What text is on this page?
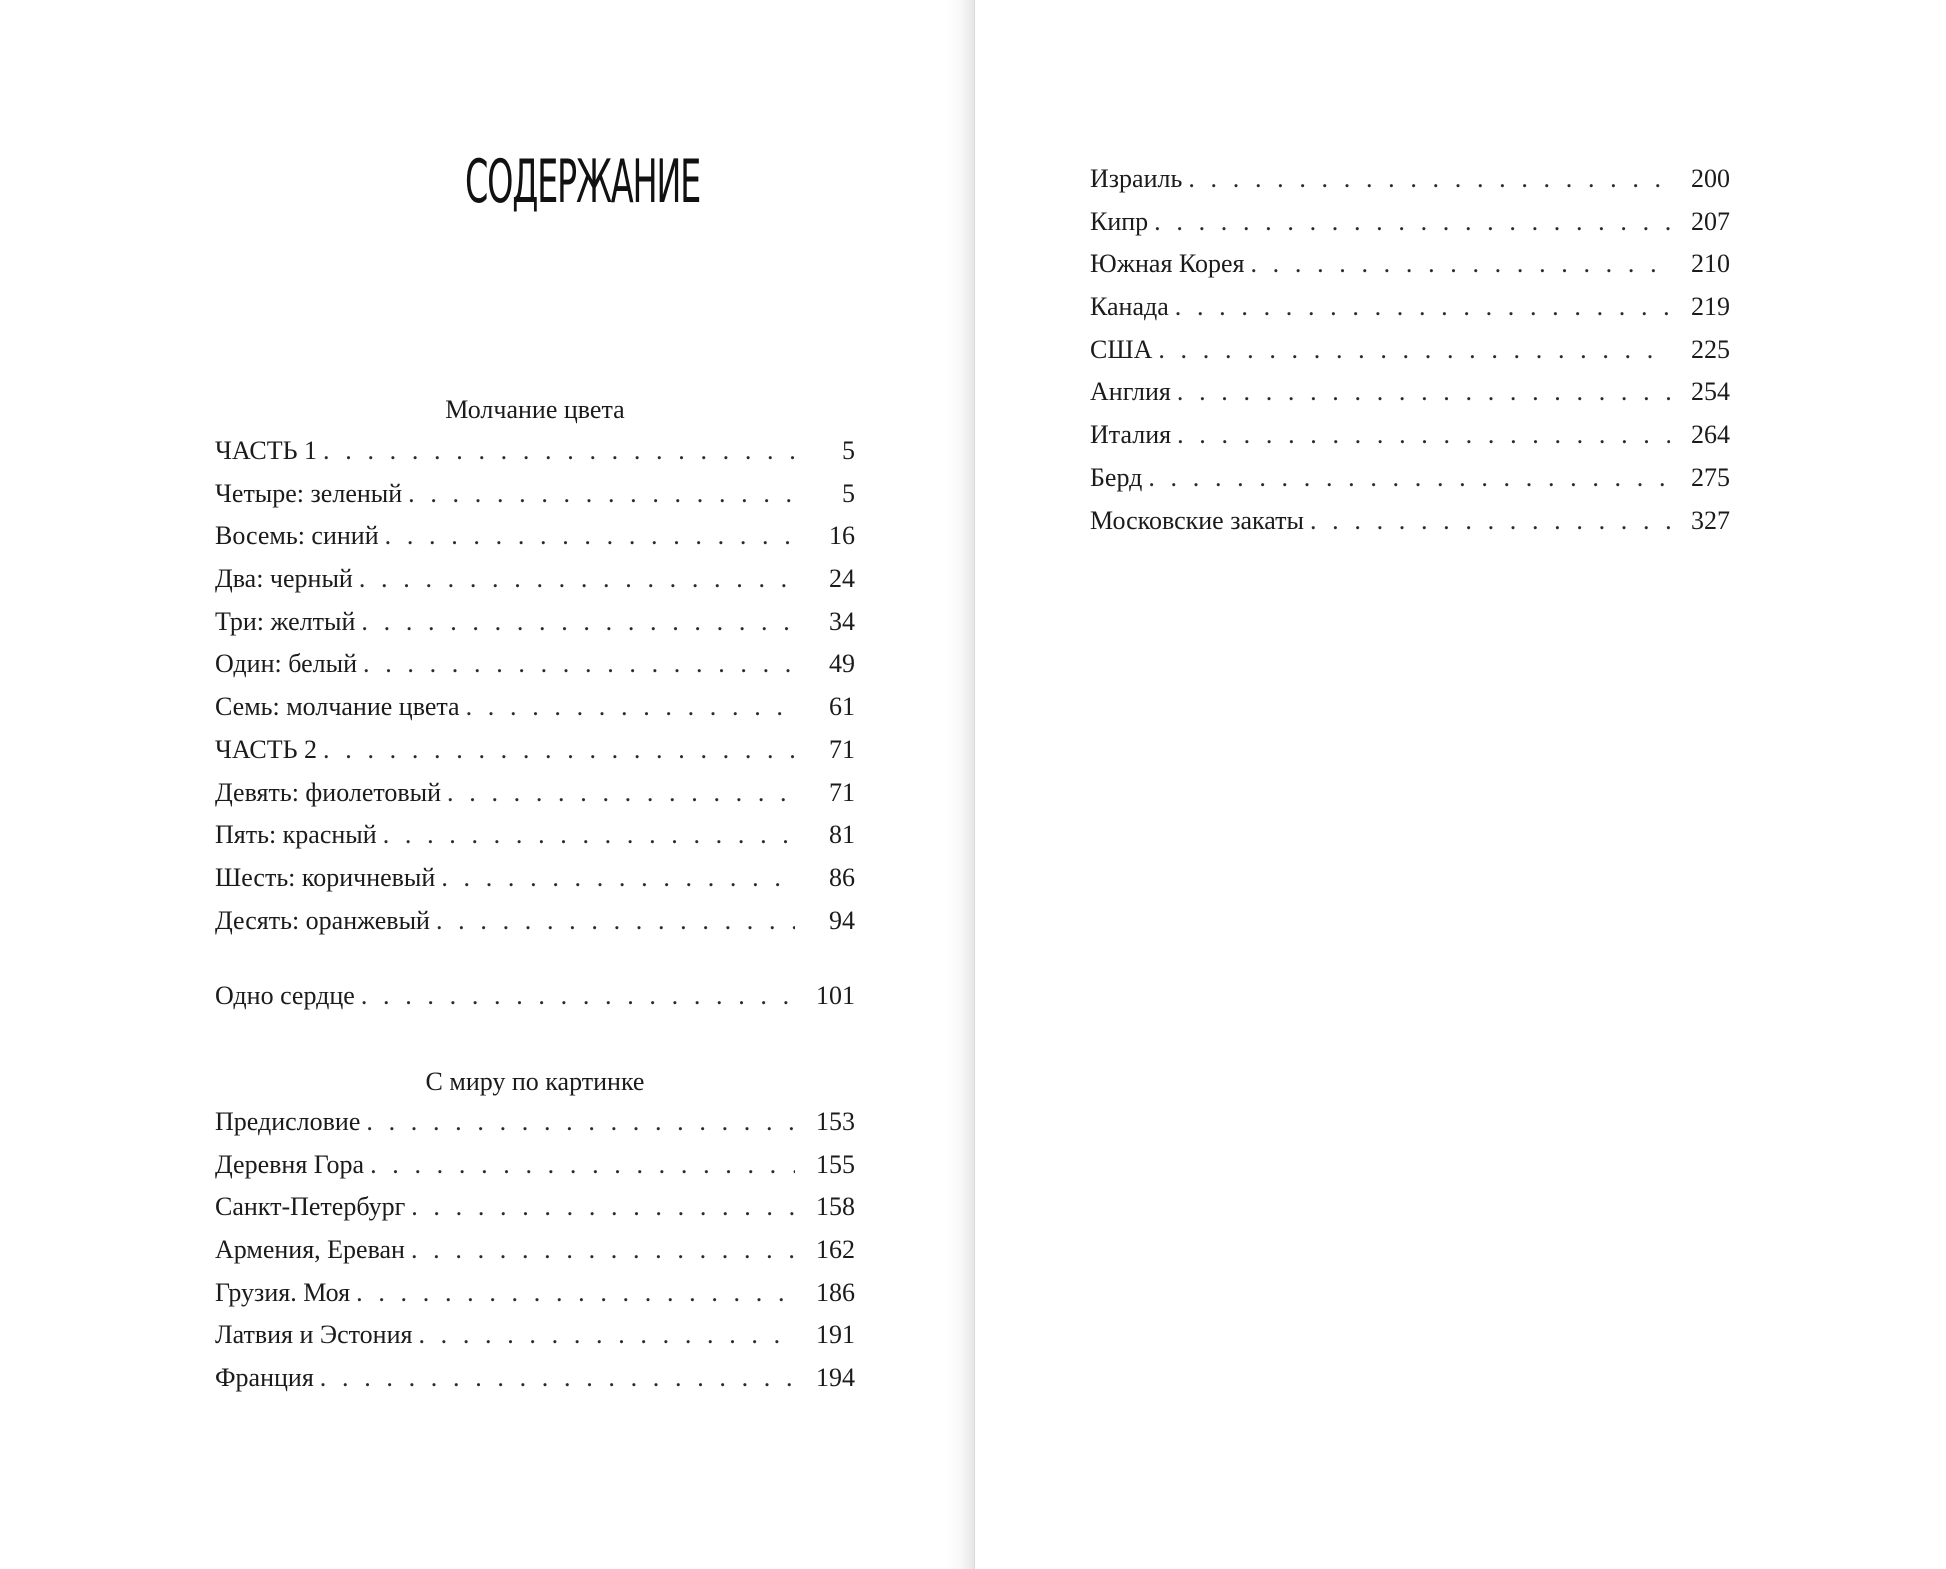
СОДЕРЖАНИЕ
Молчание цвета
ЧАСТЬ 1 . . .	5
Четыре: зеленый . . .	5
Восемь: синий . . .	16
Два: черный . . .	24
Три: желтый . . .	34
Один: белый . . .	49
Семь: молчание цвета . . .	61
ЧАСТЬ 2 . . .	71
Девять: фиолетовый . . .	71
Пять: красный . . .	81
Шесть: коричневый . . .	86
Десять: оранжевый . . .	94
Одно сердце . . .	101
С миру по картинке
Предисловие . . .	153
Деревня Гора . . .	155
Санкт-Петербург . . .	158
Армения, Ереван . . .	162
Грузия. Моя . . .	186
Латвия и Эстония . . .	191
Франция . . .	194
Израиль . . .	200
Кипр . . .	207
Южная Корея . . .	210
Канада . . .	219
США . . .	225
Англия . . .	254
Италия . . .	264
Берд . . .	275
Московские закаты . . .	327
